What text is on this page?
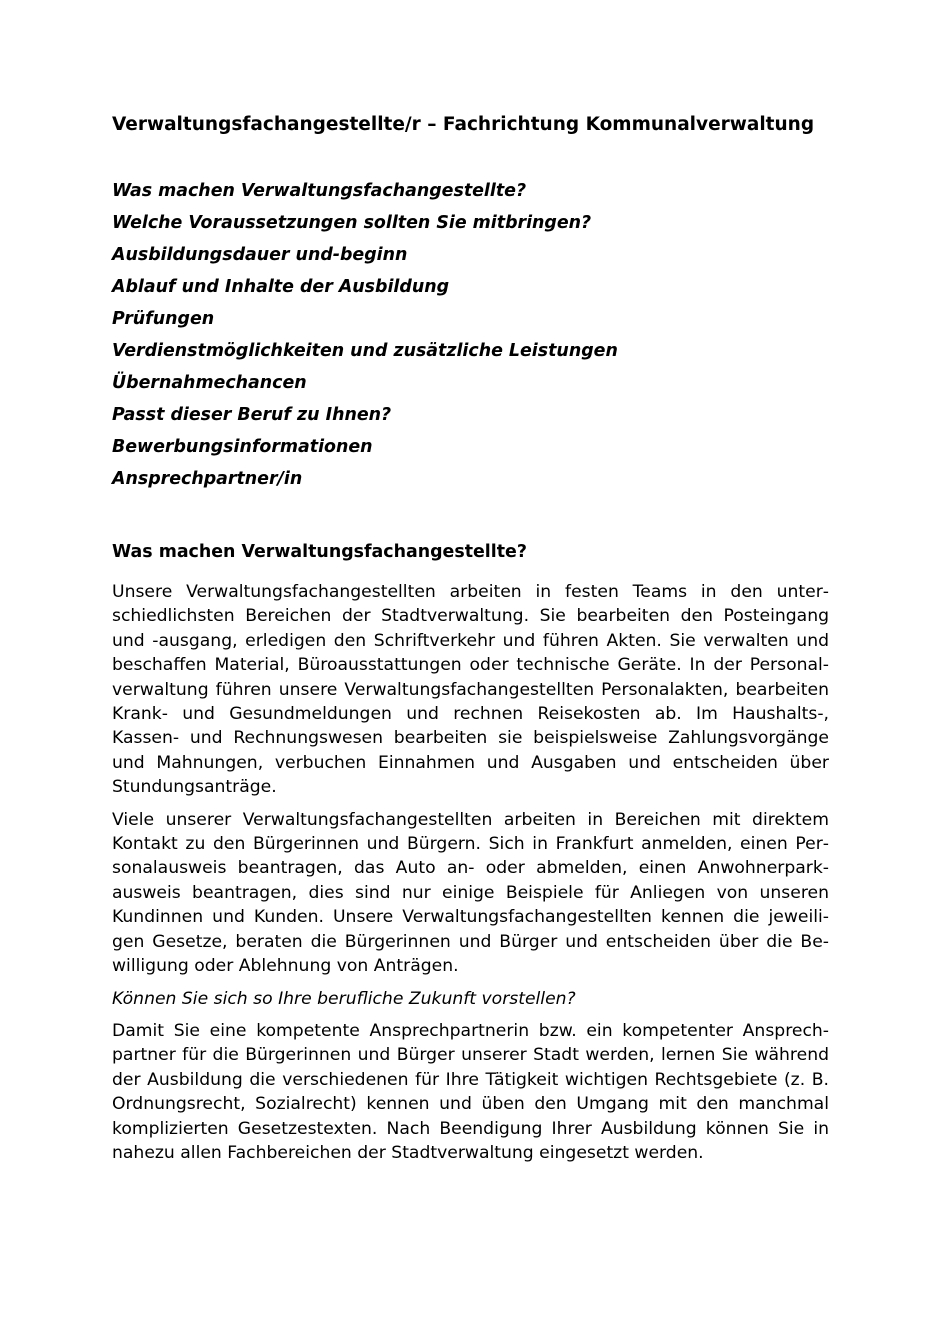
Verwaltungsfachangestellte/r – Fachrichtung Kommunalverwaltung
Was machen Verwaltungsfachangestellte?
Welche Voraussetzungen sollten Sie mitbringen?
Ausbildungsdauer und-beginn
Ablauf und Inhalte der Ausbildung
Prüfungen
Verdienstmöglichkeiten und zusätzliche Leistungen
Übernahmechancen
Passt dieser Beruf zu Ihnen?
Bewerbungsinformationen
Ansprechpartner/in
Was machen Verwaltungsfachangestellte?

Unsere Verwaltungsfachangestellten arbeiten in festen Teams in den unterschiedlichsten Bereichen der Stadtverwaltung. Sie bearbeiten den Posteingang und -ausgang, erledigen den Schriftverkehr und führen Akten. Sie verwalten und beschaffen Material, Büroausstattungen oder technische Geräte. In der Personalverwaltung führen unsere Verwaltungsfachangestellten Personalakten, bearbeiten Krank- und Gesundmeldungen und rechnen Reisekosten ab. Im Haushalts-, Kassen- und Rechnungswesen bearbeiten sie beispielsweise Zahlungsvorgänge und Mahnungen, verbuchen Einnahmen und Ausgaben und entscheiden über Stundungsanträge.

Viele unserer Verwaltungsfachangestellten arbeiten in Bereichen mit direktem Kontakt zu den Bürgerinnen und Bürgern. Sich in Frankfurt anmelden, einen Personalausweis beantragen, das Auto an- oder abmelden, einen Anwohnerparkausweis beantragen, dies sind nur einige Beispiele für Anliegen von unseren Kundinnen und Kunden. Unsere Verwaltungsfachangestellten kennen die jeweiligen Gesetze, beraten die Bürgerinnen und Bürger und entscheiden über die Bewilligung oder Ablehnung von Anträgen.

Können Sie sich so Ihre berufliche Zukunft vorstellen?

Damit Sie eine kompetente Ansprechpartnerin bzw. ein kompetenter Ansprechpartner für die Bürgerinnen und Bürger unserer Stadt werden, lernen Sie während der Ausbildung die verschiedenen für Ihre Tätigkeit wichtigen Rechtsgebiete (z. B. Ordnungsrecht, Sozialrecht) kennen und üben den Umgang mit den manchmal komplizierten Gesetzestexten. Nach Beendigung Ihrer Ausbildung können Sie in nahezu allen Fachbereichen der Stadtverwaltung eingesetzt werden.
